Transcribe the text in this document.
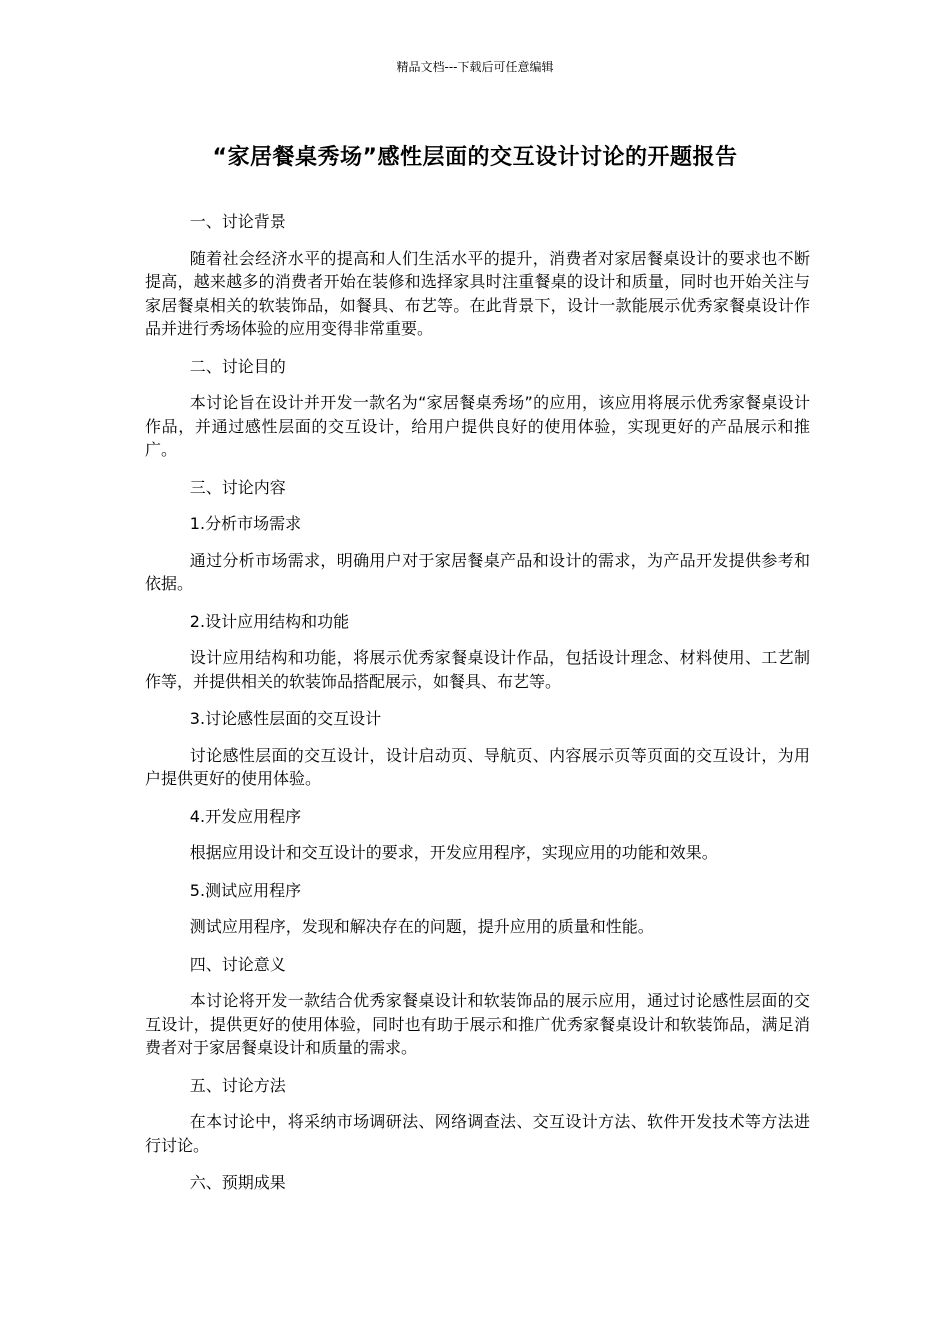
精品文档---下载后可任意编辑
“家居餐桌秀场”感性层面的交互设计讨论的开题报告

一、讨论背景

随着社会经济水平的提高和人们生活水平的提升，消费者对家居餐桌设计的要求也不断提高，越来越多的消费者开始在装修和选择家具时注重餐桌的设计和质量，同时也开始关注与家居餐桌相关的软装饰品，如餐具、布艺等。在此背景下，设计一款能展示优秀家餐桌设计作品并进行秀场体验的应用变得非常重要。

二、讨论目的

本讨论旨在设计并开发一款名为“家居餐桌秀场”的应用，该应用将展示优秀家餐桌设计作品，并通过感性层面的交互设计，给用户提供良好的使用体验，实现更好的产品展示和推广。

三、讨论内容

1.分析市场需求

通过分析市场需求，明确用户对于家居餐桌产品和设计的需求，为产品开发提供参考和依据。

2.设计应用结构和功能

设计应用结构和功能，将展示优秀家餐桌设计作品，包括设计理念、材料使用、工艺制作等，并提供相关的软装饰品搭配展示，如餐具、布艺等。

3.讨论感性层面的交互设计

讨论感性层面的交互设计，设计启动页、导航页、内容展示页等页面的交互设计，为用户提供更好的使用体验。

4.开发应用程序

根据应用设计和交互设计的要求，开发应用程序，实现应用的功能和效果。

5.测试应用程序

测试应用程序，发现和解决存在的问题，提升应用的质量和性能。

四、讨论意义

本讨论将开发一款结合优秀家餐桌设计和软装饰品的展示应用，通过讨论感性层面的交互设计，提供更好的使用体验，同时也有助于展示和推广优秀家餐桌设计和软装饰品，满足消费者对于家居餐桌设计和质量的需求。

五、讨论方法

在本讨论中，将采纳市场调研法、网络调查法、交互设计方法、软件开发技术等方法进行讨论。

六、预期成果
